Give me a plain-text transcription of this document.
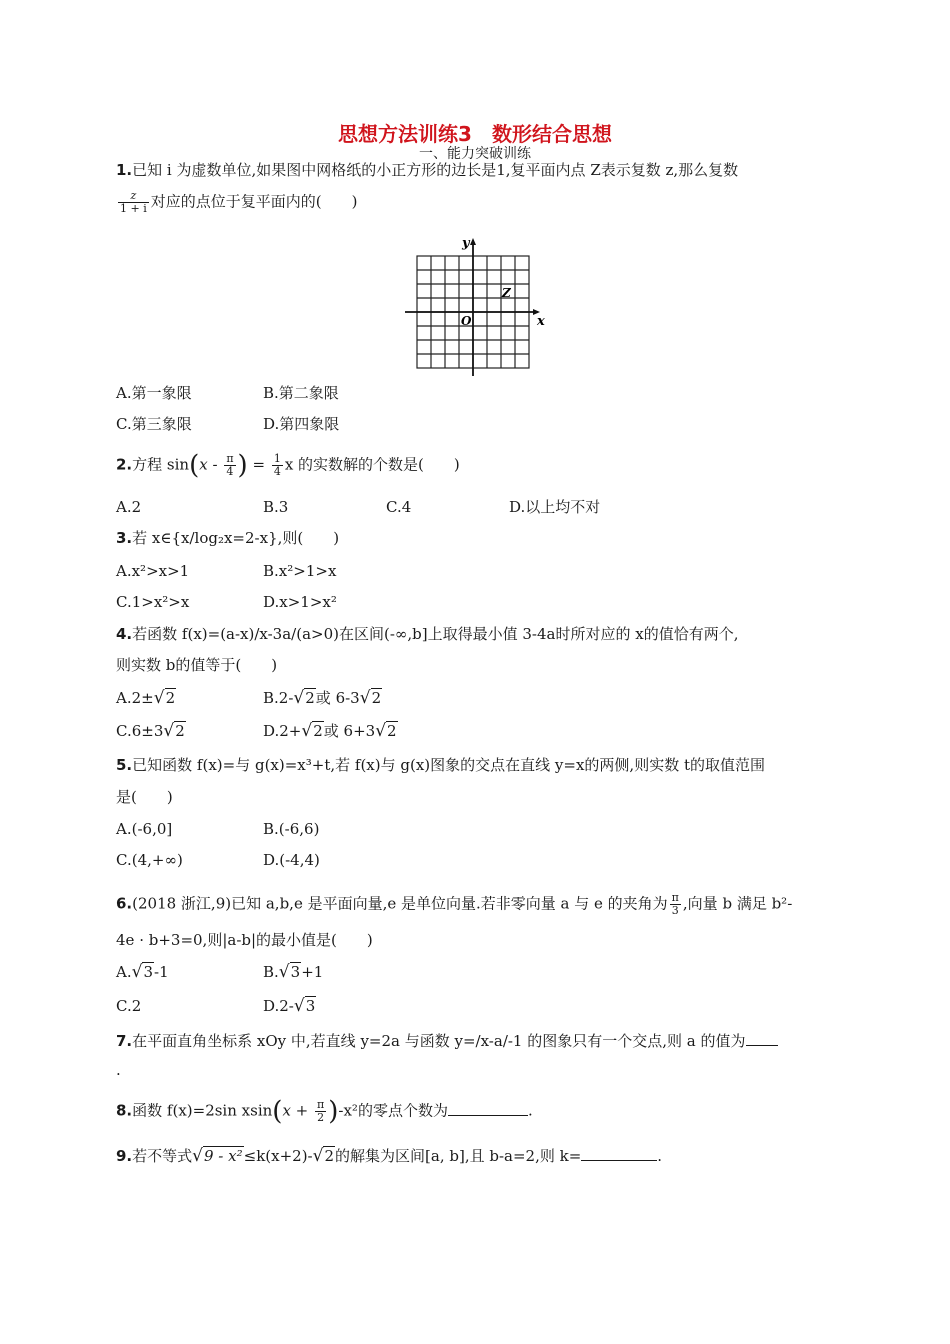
思想方法训练3　数形结合思想
一、能力突破训练
1.已知 i 为虚数单位,如果图中网格纸的小正方形的边长是1,复平面内点 Z表示复数 z,那么复数
$\frac{z}{1 + i}$ 对应的点位于复平面内的(　　)
x
y
O
Z
A.第一象限	B.第二象限
C.第三象限	D.第四象限
2.方程 $\sin(x - \frac{\pi}{4}$ ) = $\frac{1}{4}$ x 的实数解的个数是(　　)
A.2	B.3	C.4	D.以上均不对
3.若 x∈{x/log₂x=2-x},则(　　)
A.x²>x>1	B.x²>1>x
C.1>x²>x	D.x>1>x²
4.若函数 f(x)=(a-x)/x-3a/(a>0)在区间(-∞,b]上取得最小值 3-4a时所对应的 x的值恰有两个,
则实数 b的值等于(　　)
A.2±√2	B.2-√2或 6-3√2
C.6±3√2	D.2+√2或 6+3√2
5.已知函数 f(x)=与 g(x)=x³+t,若 f(x)与 g(x)图象的交点在直线 y=x的两侧,则实数 t的取值范围
是(　　)
A.(-6,0]	B.(-6,6)
C.(4,+∞)	D.(-4,4)
6.(2018 浙江,9)已知 a,b,e 是平面向量,e 是单位向量.若非零向量 a 与 e 的夹角为 $\frac{\pi}{3}$ ,向量 b 满足 b²-
4e · b+3=0,则|a-b|的最小值是(　　)
A.√3-1	B.√3+1
C.2	D.2-√3
7.在平面直角坐标系 xOy 中,若直线 y=2a 与函数 y=/x-a/-1 的图象只有一个交点,则 a 的值为
.
8.函数 f(x)=2sin $xsin(x + \frac{\pi}{2} )-x^2$的零点个数为	.
9.若不等式√9 - x²≤k(x+2)-√2的解集为区间[a, b],且 b-a=2,则 k=	.
